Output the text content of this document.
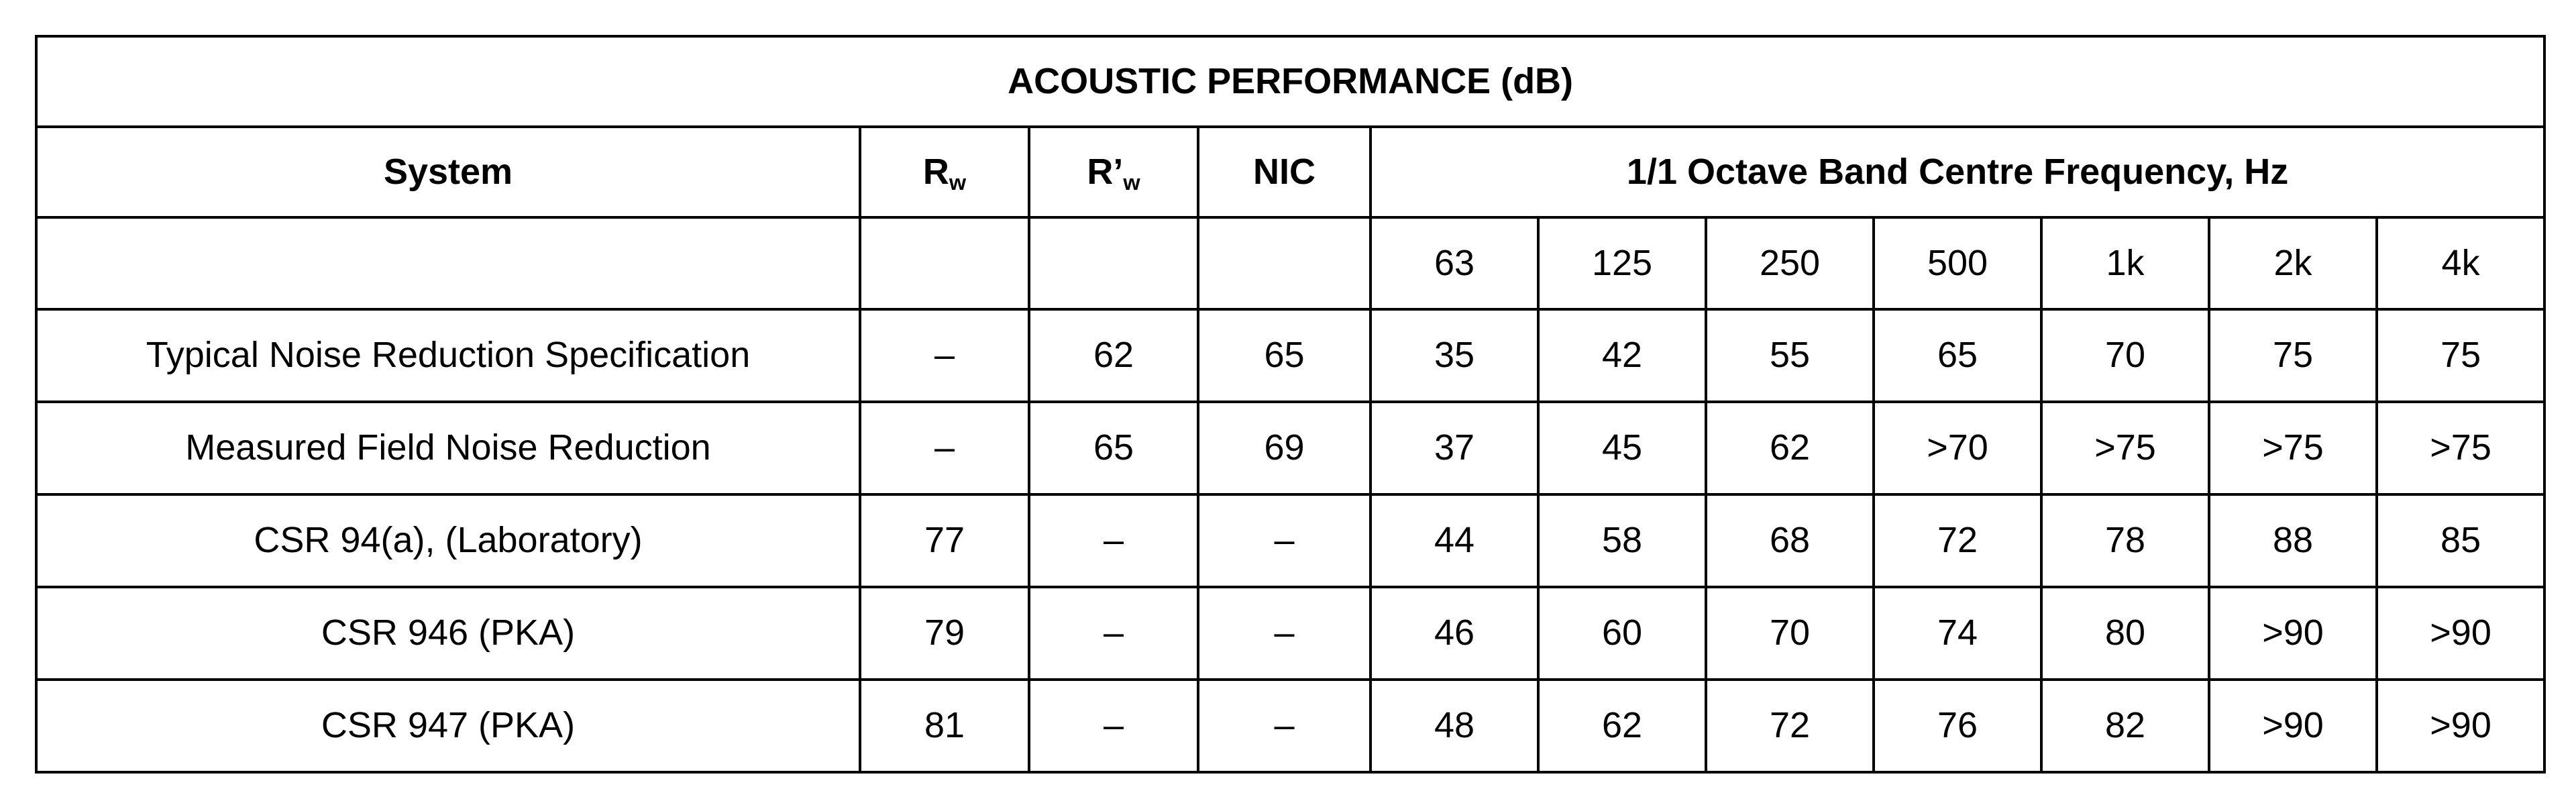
ACOUSTIC PERFORMANCE (dB)										
System	$R_w$	$R’_w$	NIC	1/1 Octave Band Centre Frequency, Hz						
				63	125	250	500	1k	2k	4k
Typical Noise Reduction Specification	–	62	65	35	42	55	65	70	75	75
Measured Field Noise Reduction	–	65	69	37	45	62	>70	>75	>75	>75
CSR 94(a), (Laboratory)	77	–	–	44	58	68	72	78	88	85
CSR 946 (PKA)	79	–	–	46	60	70	74	80	>90	>90
CSR 947 (PKA)	81	–	–	48	62	72	76	82	>90	>90
